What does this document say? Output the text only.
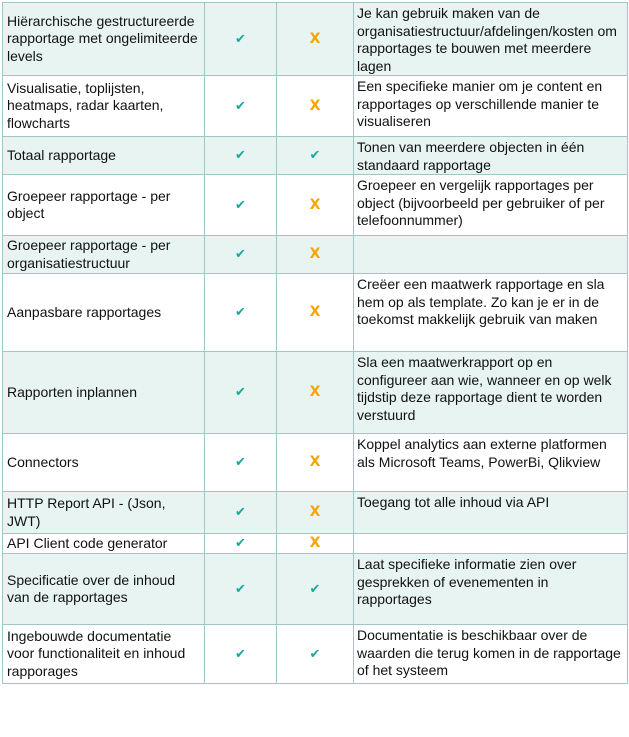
Hiërarchische gestructureerde rapportage met ongelimiteerde levels	✔	X	Je kan gebruik maken van de organisatiestructuur/afdelingen/kosten om rapportages te bouwen met meerdere lagen
Visualisatie, toplijsten, heatmaps, radar kaarten, flowcharts	✔	X	Een specifieke manier om je content en rapportages op verschillende manier te visualiseren
Totaal rapportage	✔	✔	Tonen van meerdere objecten in één standaard rapportage
Groepeer rapportage - per object	✔	X	Groepeer en vergelijk rapportages per object (bijvoorbeeld per gebruiker of per telefoonnummer)
Groepeer rapportage - per organisatiestructuur	✔	X	
Aanpasbare rapportages	✔	X	Creëer een maatwerk rapportage en sla hem op als template. Zo kan je er in de toekomst makkelijk gebruik van maken
Rapporten inplannen	✔	X	Sla een maatwerkrapport op en configureer aan wie, wanneer en op welk tijdstip deze rapportage dient te worden verstuurd
Connectors	✔	X	Koppel analytics aan externe platformen als Microsoft Teams, PowerBi, Qlikview
HTTP Report API - (Json, JWT)	✔	X	Toegang tot alle inhoud via API
API Client code generator	✔	X	
Specificatie over de inhoud van de rapportages	✔	✔	Laat specifieke informatie zien over gesprekken of evenementen in rapportages
Ingebouwde documentatie voor functionaliteit en inhoud rapporages	✔	✔	Documentatie is beschikbaar over de waarden die terug komen in de rapportage of het systeem
